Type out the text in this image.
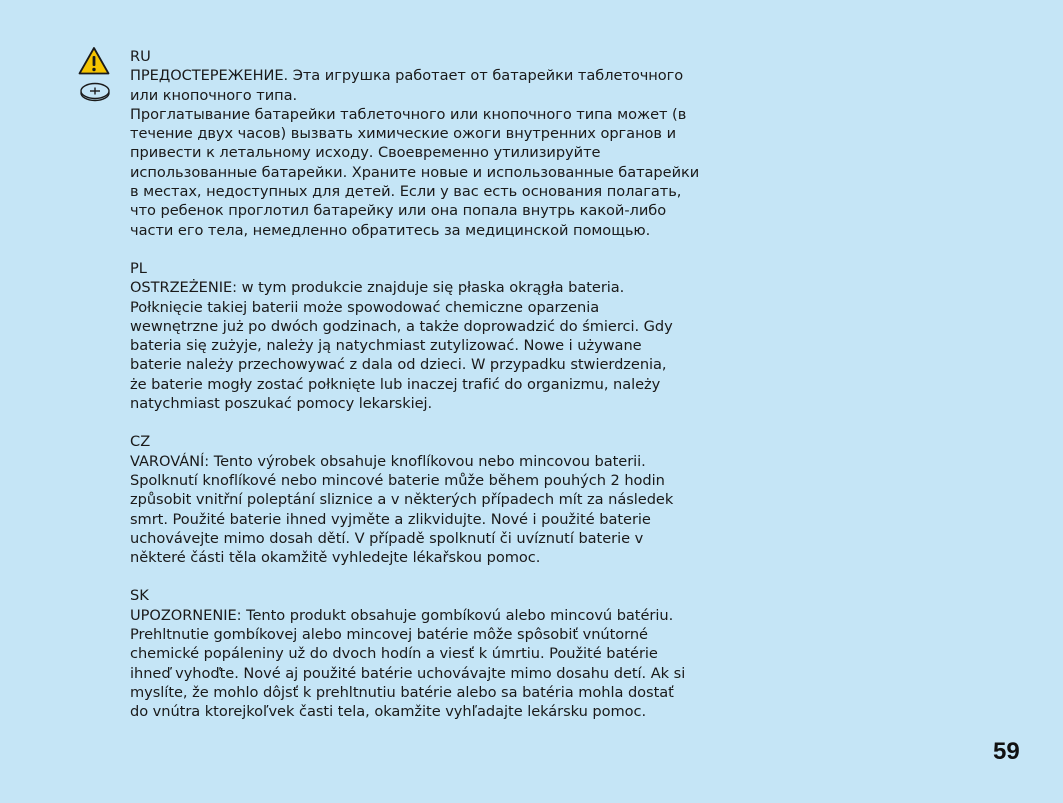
RU
ПРЕДОСТЕРЕЖЕНИЕ. Эта игрушка работает от батарейки таблеточного
или кнопочного типа.
Проглатывание батарейки таблеточного или кнопочного типа может (в
течение двух часов) вызвать химические ожоги внутренних органов и
привести к летальному исходу. Своевременно утилизируйте
использованные батарейки. Храните новые и использованные батарейки
в местах, недоступных для детей. Если у вас есть основания полагать,
что ребенок проглотил батарейку или она попала внутрь какой-либо
части его тела, немедленно обратитесь за медицинской помощью.
PL
OSTRZEŻENIE: w tym produkcie znajduje się płaska okrągła bateria.
Połknięcie takiej baterii może spowodować chemiczne oparzenia
wewnętrzne już po dwóch godzinach, a także doprowadzić do śmierci. Gdy
bateria się zużyje, należy ją natychmiast zutylizować. Nowe i używane
baterie należy przechowywać z dala od dzieci. W przypadku stwierdzenia,
że baterie mogły zostać połknięte lub inaczej trafić do organizmu, należy
natychmiast poszukać pomocy lekarskiej.
CZ
VAROVÁNÍ: Tento výrobek obsahuje knoflíkovou nebo mincovou baterii.
Spolknutí knoflíkové nebo mincové baterie může během pouhých 2 hodin
způsobit vnitřní poleptání sliznice a v některých případech mít za následek
smrt. Použité baterie ihned vyjměte a zlikvidujte. Nové i použité baterie
uchovávejte mimo dosah dětí. V případě spolknutí či uvíznutí baterie v
některé části těla okamžitě vyhledejte lékařskou pomoc.
SK
UPOZORNENIE: Tento produkt obsahuje gombíkovú alebo mincovú batériu.
Prehltnutie gombíkovej alebo mincovej batérie môže spôsobiť vnútorné
chemické popáleniny už do dvoch hodín a viesť k úmrtiu. Použité batérie
ihneď vyhoďte. Nové aj použité batérie uchovávajte mimo dosahu detí. Ak si
myslíte, že mohlo dôjsť k prehltnutiu batérie alebo sa batéria mohla dostať
do vnútra ktorejkoľvek časti tela, okamžite vyhľadajte lekársku pomoc.
59
